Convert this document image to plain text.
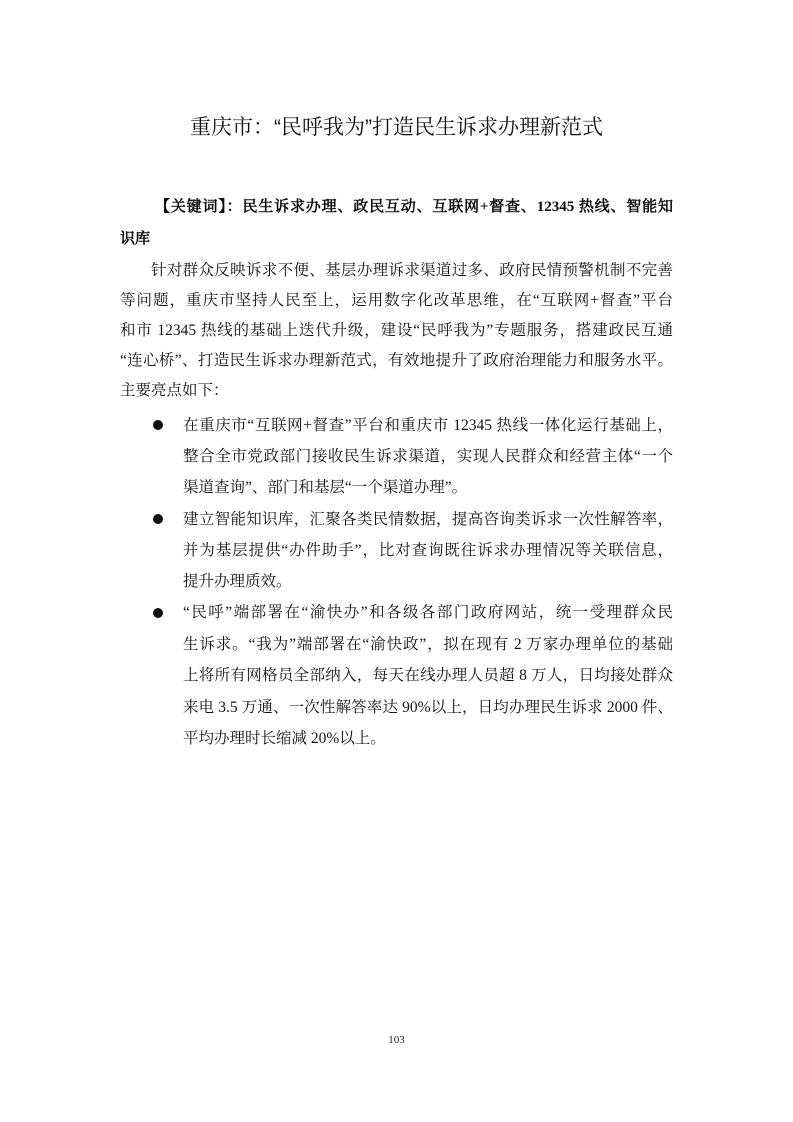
重庆市：“民呼我为”打造民生诉求办理新范式
【关键词】：民生诉求办理、政民互动、互联网+督查、12345 热线、智能知
识库
针对群众反映诉求不便、基层办理诉求渠道过多、政府民情预警机制不完善
等问题，重庆市坚持人民至上，运用数字化改革思维，在“互联网+督查”平台
和市 12345 热线的基础上迭代升级，建设“民呼我为”专题服务，搭建政民互通
“连心桥”、打造民生诉求办理新范式，有效地提升了政府治理能力和服务水平。
主要亮点如下：
在重庆市“互联网+督查”平台和重庆市 12345 热线一体化运行基础上，
整合全市党政部门接收民生诉求渠道，实现人民群众和经营主体“一个
渠道查询”、部门和基层“一个渠道办理”。
建立智能知识库，汇聚各类民情数据，提高咨询类诉求一次性解答率，
并为基层提供“办件助手”，比对查询既往诉求办理情况等关联信息，
提升办理质效。
“民呼”端部署在“渝快办”和各级各部门政府网站，统一受理群众民
生诉求。“我为”端部署在“渝快政”，拟在现有 2 万家办理单位的基础
上将所有网格员全部纳入，每天在线办理人员超 8 万人，日均接处群众
来电 3.5 万通、一次性解答率达 90%以上，日均办理民生诉求 2000 件、
平均办理时长缩减 20%以上。
103
